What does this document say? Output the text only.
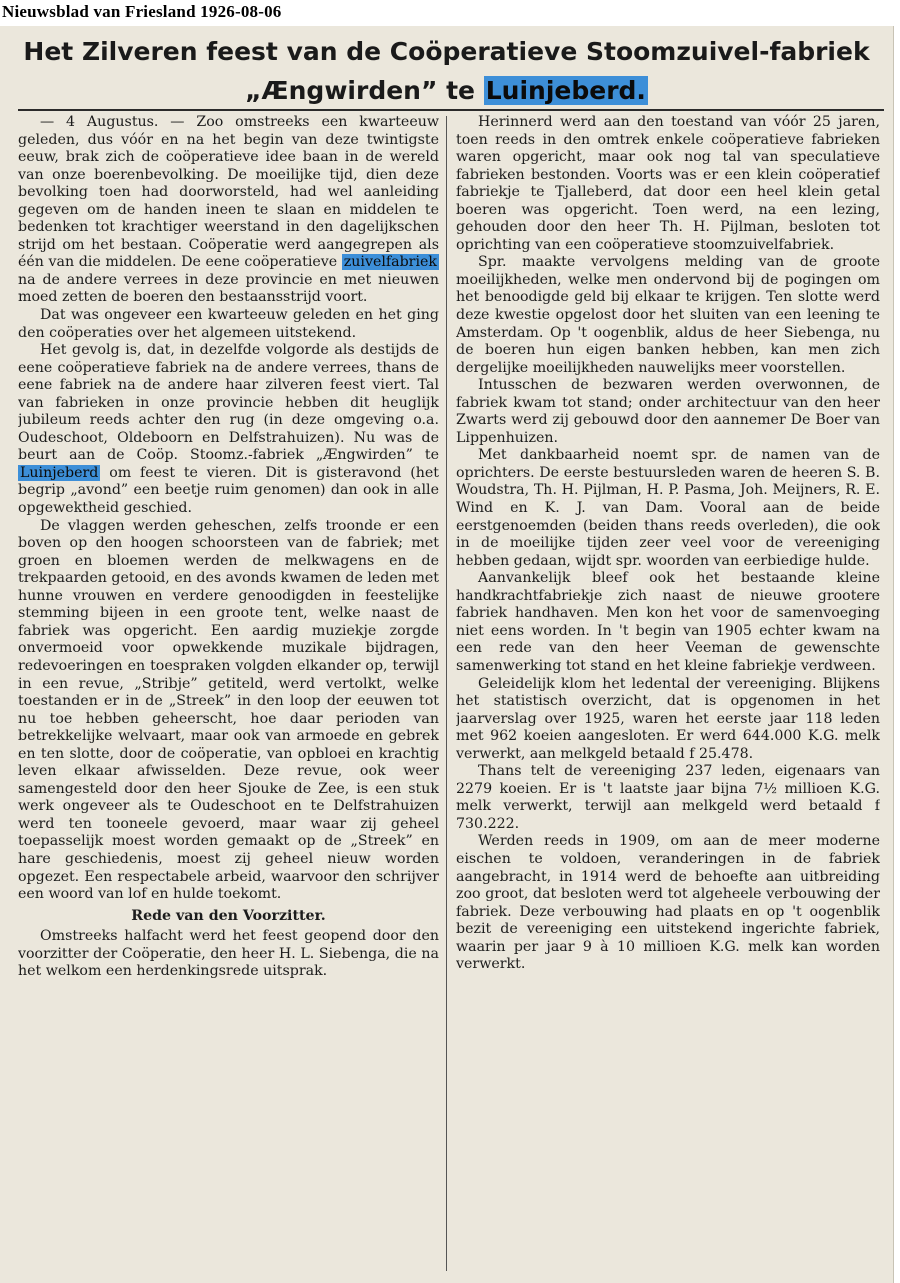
Nieuwsblad van Friesland 1926-08-06
Het Zilveren feest van de Coöperatieve Stoomzuivel-fabriek
„Ængwirden” te Luinjeberd.

— 4 Augustus. — Zoo omstreeks een kwarteeuw geleden, dus vóór en na het begin van deze twintigste eeuw, brak zich de coöperatieve idee baan in de wereld van onze boerenbevolking. De moeilijke tijd, dien deze bevolking toen had doorworsteld, had wel aanleiding gegeven om de handen ineen te slaan en middelen te bedenken tot krachtiger weerstand in den dagelijkschen strijd om het bestaan. Coöperatie werd aangegrepen als één van die middelen. De eene coöperatieve zuivelfabriek na de andere verrees in deze provincie en met nieuwen moed zetten de boeren den bestaansstrijd voort.

Dat was ongeveer een kwarteeuw geleden en het ging den coöperaties over het algemeen uitstekend.

Het gevolg is, dat, in dezelfde volgorde als destijds de eene coöperatieve fabriek na de andere verrees, thans de eene fabriek na de andere haar zilveren feest viert. Tal van fabrieken in onze provincie hebben dit heuglijk jubileum reeds achter den rug (in deze omgeving o.a. Oudeschoot, Oldeboorn en Delfstrahuizen). Nu was de beurt aan de Coöp. Stoomz.-fabriek „Ængwirden” te Luinjeberd om feest te vieren. Dit is gisteravond (het begrip „avond” een beetje ruim genomen) dan ook in alle opgewektheid geschied.

De vlaggen werden geheschen, zelfs troonde er een boven op den hoogen schoorsteen van de fabriek; met groen en bloemen werden de melkwagens en de trekpaarden getooid, en des avonds kwamen de leden met hunne vrouwen en verdere genoodigden in feestelijke stemming bijeen in een groote tent, welke naast de fabriek was opgericht. Een aardig muziekje zorgde onvermoeid voor opwekkende muzikale bijdragen, redevoeringen en toespraken volgden elkander op, terwijl in een revue, „Stribje” getiteld, werd vertolkt, welke toestanden er in de „Streek” in den loop der eeuwen tot nu toe hebben geheerscht, hoe daar perioden van betrekkelijke welvaart, maar ook van armoede en gebrek en ten slotte, door de coöperatie, van opbloei en krachtig leven elkaar afwisselden. Deze revue, ook weer samengesteld door den heer Sjouke de Zee, is een stuk werk ongeveer als te Oudeschoot en te Delfstrahuizen werd ten tooneele gevoerd, maar waar zij geheel toepasselijk moest worden gemaakt op de „Streek” en hare geschiedenis, moest zij geheel nieuw worden opgezet. Een respectabele arbeid, waarvoor den schrijver een woord van lof en hulde toekomt.

Rede van den Voorzitter.

Omstreeks halfacht werd het feest geopend door den voorzitter der Coöperatie, den heer H. L. Siebenga, die na het welkom een herdenkingsrede uitsprak.

Herinnerd werd aan den toestand van vóór 25 jaren, toen reeds in den omtrek enkele coöperatieve fabrieken waren opgericht, maar ook nog tal van speculatieve fabrieken bestonden. Voorts was er een klein coöperatief fabriekje te Tjalleberd, dat door een heel klein getal boeren was opgericht. Toen werd, na een lezing, gehouden door den heer Th. H. Pijlman, besloten tot oprichting van een coöperatieve stoomzuivelfabriek.

Spr. maakte vervolgens melding van de groote moeilijkheden, welke men ondervond bij de pogingen om het benoodigde geld bij elkaar te krijgen. Ten slotte werd deze kwestie opgelost door het sluiten van een leening te Amsterdam. Op 't oogenblik, aldus de heer Siebenga, nu de boeren hun eigen banken hebben, kan men zich dergelijke moeilijkheden nauwelijks meer voorstellen.

Intusschen de bezwaren werden overwonnen, de fabriek kwam tot stand; onder architectuur van den heer Zwarts werd zij gebouwd door den aannemer De Boer van Lippenhuizen.

Met dankbaarheid noemt spr. de namen van de oprichters. De eerste bestuursleden waren de heeren S. B. Woudstra, Th. H. Pijlman, H. P. Pasma, Joh. Meijners, R. E. Wind en K. J. van Dam. Vooral aan de beide eerstgenoemden (beiden thans reeds overleden), die ook in de moeilijke tijden zeer veel voor de vereeniging hebben gedaan, wijdt spr. woorden van eerbiedige hulde.

Aanvankelijk bleef ook het bestaande kleine handkrachtfabriekje zich naast de nieuwe grootere fabriek handhaven. Men kon het voor de samenvoeging niet eens worden. In 't begin van 1905 echter kwam na een rede van den heer Veeman de gewenschte samenwerking tot stand en het kleine fabriekje verdween.

Geleidelijk klom het ledental der vereeniging. Blijkens het statistisch overzicht, dat is opgenomen in het jaarverslag over 1925, waren het eerste jaar 118 leden met 962 koeien aangesloten. Er werd 644.000 K.G. melk verwerkt, aan melkgeld betaald f 25.478.

Thans telt de vereeniging 237 leden, eigenaars van 2279 koeien. Er is 't laatste jaar bijna 7½ millioen K.G. melk verwerkt, terwijl aan melkgeld werd betaald f 730.222.

Werden reeds in 1909, om aan de meer moderne eischen te voldoen, veranderingen in de fabriek aangebracht, in 1914 werd de behoefte aan uitbreiding zoo groot, dat besloten werd tot algeheele verbouwing der fabriek. Deze verbouwing had plaats en op 't oogenblik bezit de vereeniging een uitstekend ingerichte fabriek, waarin per jaar 9 à 10 millioen K.G. melk kan worden verwerkt.
